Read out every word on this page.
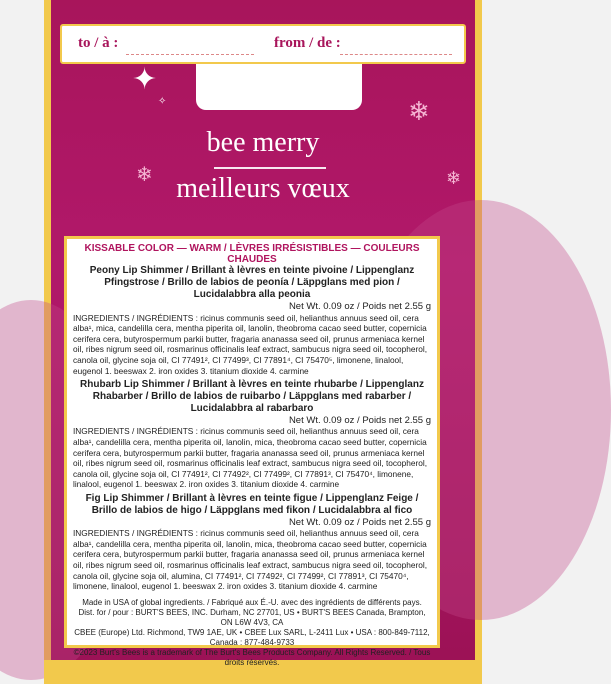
to / à :	from / de :
✦
❄
❄	❄
✧
bee merry
meilleurs vœux

KISSABLE COLOR — WARM / LÈVRES IRRÉSISTIBLES — COULEURS CHAUDES

Peony Lip Shimmer / Brillant à lèvres en teinte pivoine / Lippenglanz Pfingstrose / Brillo de labios de peonía / Läppglans med pion / Lucidalabbra alla peonia

Net Wt. 0.09 oz / Poids net 2.55 g

INGREDIENTS / INGRÉDIENTS : ricinus communis seed oil, helianthus annuus seed oil, cera alba¹, mica, candelilla cera, mentha piperita oil, lanolin, theobroma cacao seed butter, copernicia cerifera cera, butyrospermum parkii butter, fragaria ananassa seed oil, prunus armeniaca kernel oil, ribes nigrum seed oil, rosmarinus officinalis leaf extract, sambucus nigra seed oil, tocopherol, canola oil, glycine soja oil, CI 77491², CI 77499³, CI 77891⁴, CI 75470⁵, limonene, linalool, eugenol 1. beeswax 2. iron oxides 3. titanium dioxide 4. carmine

Rhubarb Lip Shimmer / Brillant à lèvres en teinte rhubarbe / Lippenglanz Rhabarber / Brillo de labios de ruibarbo / Läppglans med rabarber / Lucidalabbra al rabarbaro

Net Wt. 0.09 oz / Poids net 2.55 g

INGREDIENTS / INGRÉDIENTS : ricinus communis seed oil, helianthus annuus seed oil, cera alba¹, candelilla cera, mentha piperita oil, lanolin, mica, theobroma cacao seed butter, copernicia cerifera cera, butyrospermum parkii butter, fragaria ananassa seed oil, prunus armeniaca kernel oil, ribes nigrum seed oil, rosmarinus officinalis leaf extract, sambucus nigra seed oil, tocopherol, canola oil, glycine soja oil, CI 77491², CI 77492², CI 77499², CI 77891³, CI 75470⁴, limonene, linalool, eugenol 1. beeswax 2. iron oxides 3. titanium dioxide 4. carmine

Fig Lip Shimmer / Brillant à lèvres en teinte figue / Lippenglanz Feige / Brillo de labios de higo / Läppglans med fikon / Lucidalabbra al fico

Net Wt. 0.09 oz / Poids net 2.55 g

INGREDIENTS / INGRÉDIENTS : ricinus communis seed oil, helianthus annuus seed oil, cera alba¹, candelilla cera, mentha piperita oil, lanolin, mica, theobroma cacao seed butter, copernicia cerifera cera, butyrospermum parkii butter, fragaria ananassa seed oil, prunus armeniaca kernel oil, ribes nigrum seed oil, rosmarinus officinalis leaf extract, sambucus nigra seed oil, tocopherol, canola oil, glycine soja oil, alumina, CI 77491², CI 77492², CI 77499², CI 77891³, CI 75470⁴, limonene, linalool, eugenol 1. beeswax 2. iron oxides 3. titanium dioxide 4. carmine

Made in USA of global ingredients. / Fabriqué aux É.-U. avec des ingrédients de différents pays.

Dist. for / pour : BURT'S BEES, INC. Durham, NC 27701, US • BURT'S BEES Canada, Brampton, ON L6W 4V3, CA

CBEE (Europe) Ltd. Richmond, TW9 1AE, UK • CBEE Lux SARL, L-2411 Lux • USA : 800-849-7112, Canada : 877-484-9733

©2023 Burt's Bees is a trademark of The Burt's Bees Products Company. All Rights Reserved. / Tous droits réservés.
